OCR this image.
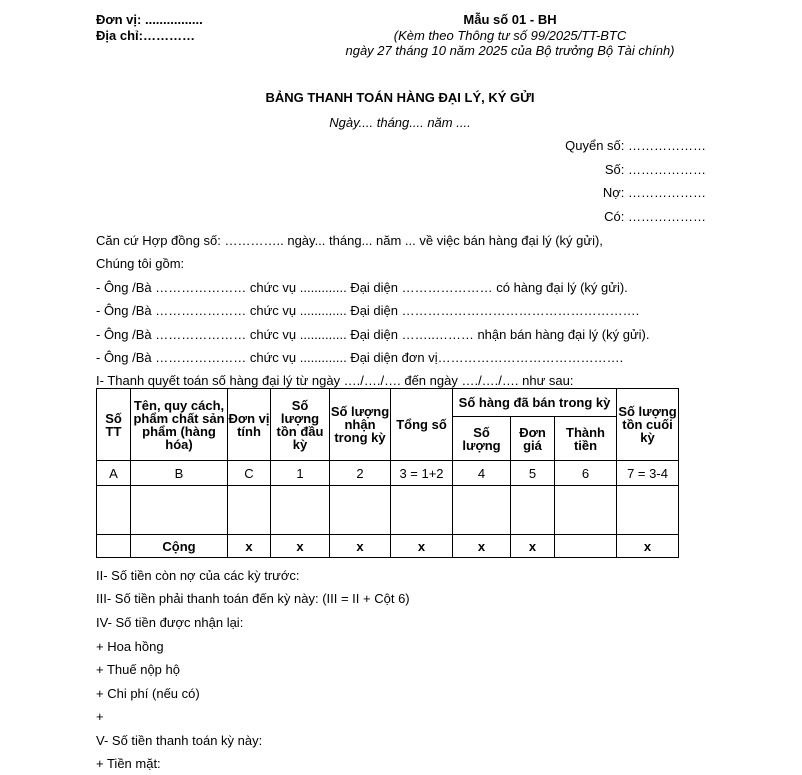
Đơn vị: ................
Địa chỉ:…………
Mẫu số 01 - BH
(Kèm theo Thông tư số 99/2025/TT-BTC
ngày 27 tháng 10 năm 2025 của Bộ trưởng Bộ Tài chính)
BẢNG THANH TOÁN HÀNG ĐẠI LÝ, KÝ GỬI
Ngày.... tháng.... năm ....
Quyển số: ………………
Số: ………………
Nợ: ………………
Có: ………………
Căn cứ Hợp đồng số: ………….. ngày... tháng... năm ... về việc bán hàng đại lý (ký gửi),
Chúng tôi gồm:
- Ông /Bà ………………… chức vụ ............. Đại diện ………………… có hàng đại lý (ký gửi).
- Ông /Bà ………………… chức vụ ............. Đại diện ……………………………………………….
- Ông /Bà ………………… chức vụ ............. Đại diện ……..……… nhận bán hàng đại lý (ký gửi).
- Ông /Bà ………………… chức vụ ............. Đại diện đơn vị…………………………………….
I- Thanh quyết toán số hàng đại lý từ ngày …./…./…. đến ngày …./…./…. như sau:
Số TT	Tên, quy cách, phẩm chất sản phẩm (hàng hóa)	Đơn vị tính	Số lượng tồn đầu kỳ	Số lượng nhận trong kỳ	Tổng số	Số hàng đã bán trong kỳ			Số lượng tồn cuối kỳ
						Số lượng	Đơn giá	Thành tiền	
A	B	C	1	2	3 = 1+2	4	5	6	7 = 3-4

	Cộng	x	x	x	x	x	x		x
II- Số tiền còn nợ của các kỳ trước:
III- Số tiền phải thanh toán đến kỳ này: (III = II + Cột 6)
IV- Số tiền được nhận lại:
+ Hoa hồng
+ Thuế nộp hộ
+ Chi phí (nếu có)
+
V- Số tiền thanh toán kỳ này:
+ Tiền mặt:
